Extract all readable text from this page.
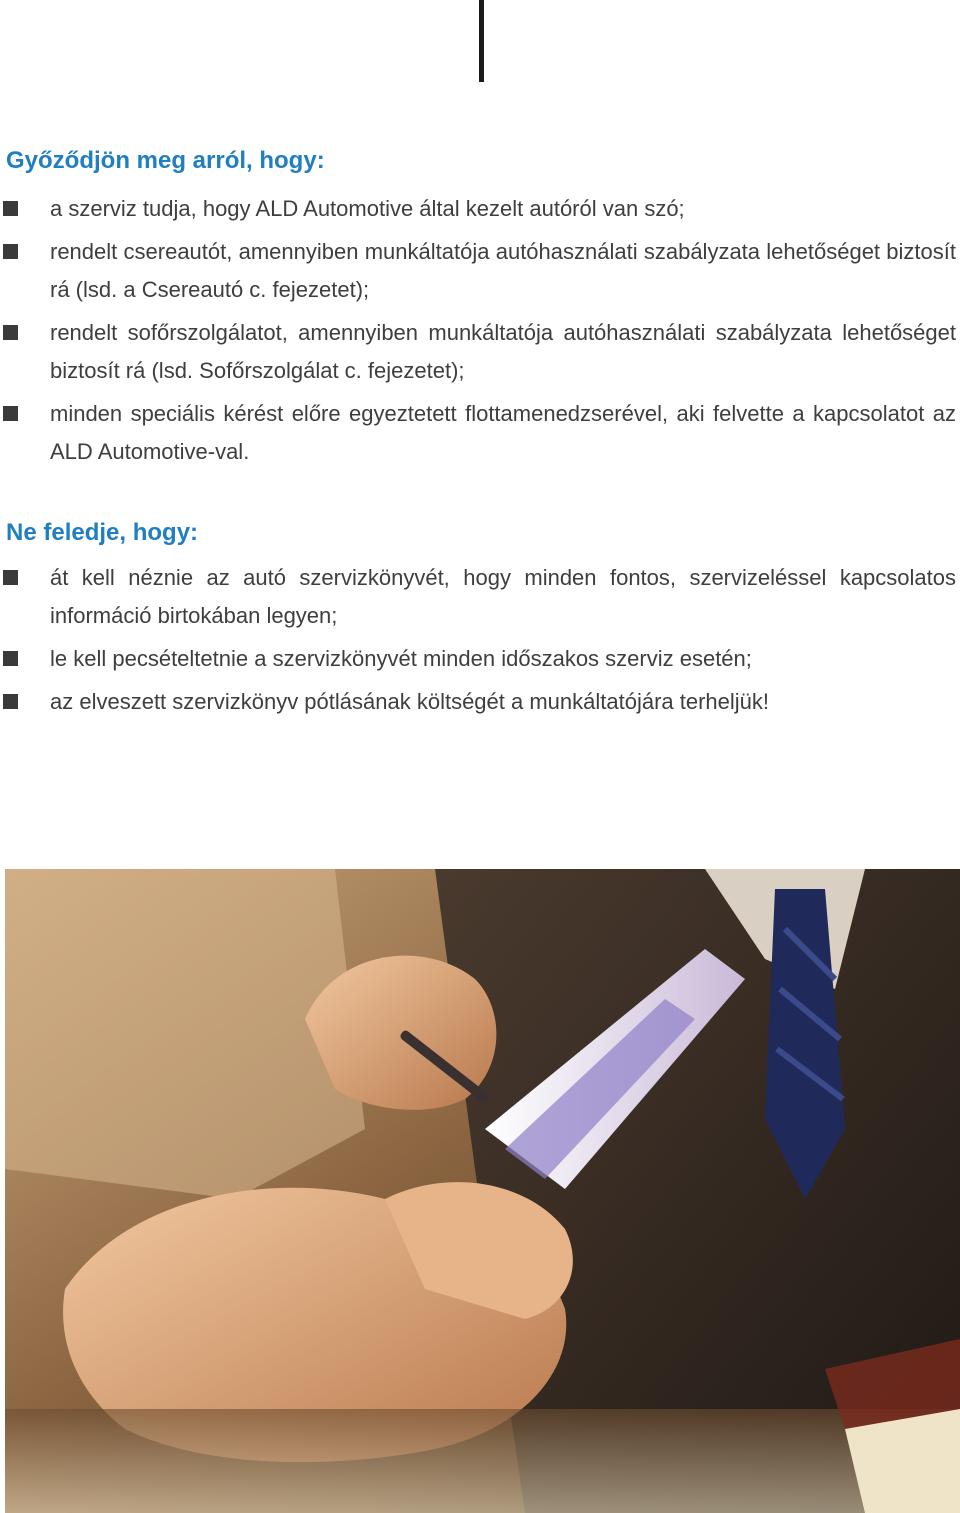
Győződjön meg arról, hogy:
a szerviz tudja, hogy ALD Automotive által kezelt autóról van szó;
rendelt csereautót, amennyiben munkáltatója autóhasználati szabályzata lehetőséget biztosít rá (lsd. a Csereautó c. fejezetet);
rendelt sofőrszolgálatot, amennyiben munkáltatója autóhasználati szabályzata lehetőséget biztosít rá (lsd. Sofőrszolgálat c. fejezetet);
minden speciális kérést előre egyeztetett flottamenedzserével, aki felvette a kapcsolatot az ALD Automotive-val.
Ne feledje, hogy:
át kell néznie az autó szervizkönyvét, hogy minden fontos, szervizeléssel kapcsolatos információ birtokában legyen;
le kell pecsételtetnie a szervizkönyvét minden időszakos szerviz esetén;
az elveszett szervizkönyv pótlásának költségét a munkáltatójára terheljük!
